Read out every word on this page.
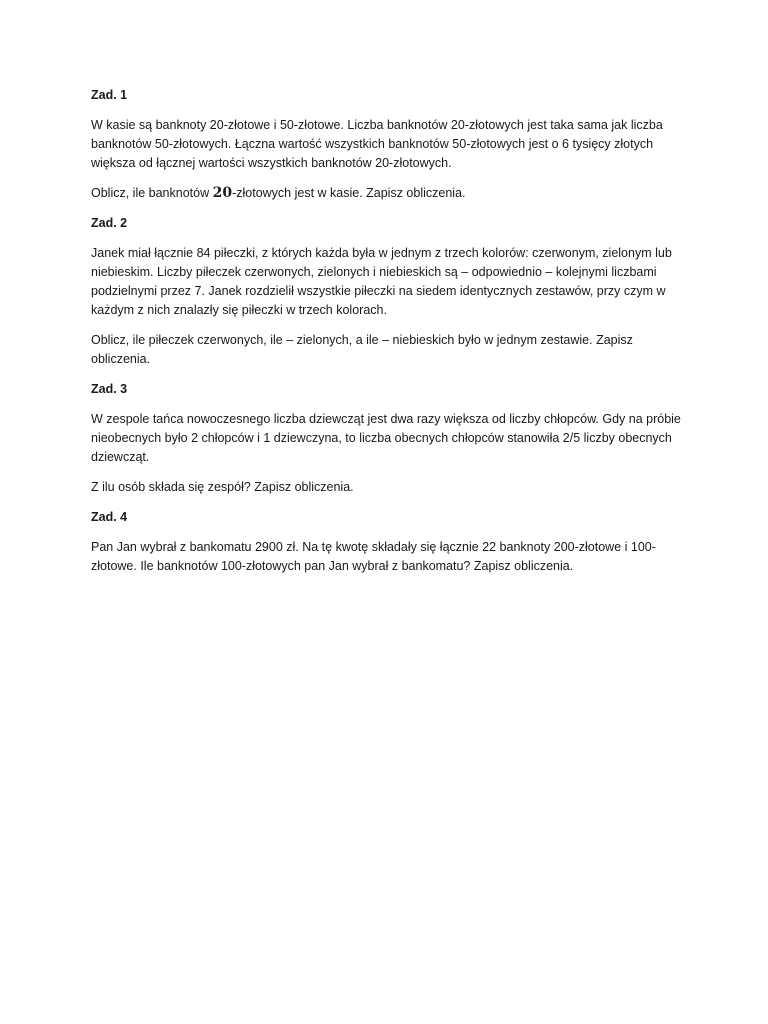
Zad. 1

W kasie są banknoty 20-złotowe i 50-złotowe. Liczba banknotów 20-złotowych jest taka sama jak liczba banknotów 50-złotowych. Łączna wartość wszystkich banknotów 50-złotowych jest o 6 tysięcy złotych większa od łącznej wartości wszystkich banknotów 20-złotowych.

Oblicz, ile banknotów 20-złotowych jest w kasie. Zapisz obliczenia.

Zad. 2

Janek miał łącznie 84 piłeczki, z których każda była w jednym z trzech kolorów: czerwonym, zielonym lub niebieskim. Liczby piłeczek czerwonych, zielonych i niebieskich są – odpowiednio – kolejnymi liczbami podzielnymi przez 7. Janek rozdzielił wszystkie piłeczki na siedem identycznych zestawów, przy czym w każdym z nich znalazły się piłeczki w trzech kolorach.

Oblicz, ile piłeczek czerwonych, ile – zielonych, a ile – niebieskich było w jednym zestawie. Zapisz obliczenia.

Zad. 3

W zespole tańca nowoczesnego liczba dziewcząt jest dwa razy większa od liczby chłopców. Gdy na próbie nieobecnych było 2 chłopców i 1 dziewczyna, to liczba obecnych chłopców stanowiła 2/5 liczby obecnych dziewcząt.

Z ilu osób składa się zespół? Zapisz obliczenia.

Zad. 4

Pan Jan wybrał z bankomatu 2900 zł. Na tę kwotę składały się łącznie 22 banknoty 200-złotowe i 100-złotowe. Ile banknotów 100-złotowych pan Jan wybrał z bankomatu? Zapisz obliczenia.
